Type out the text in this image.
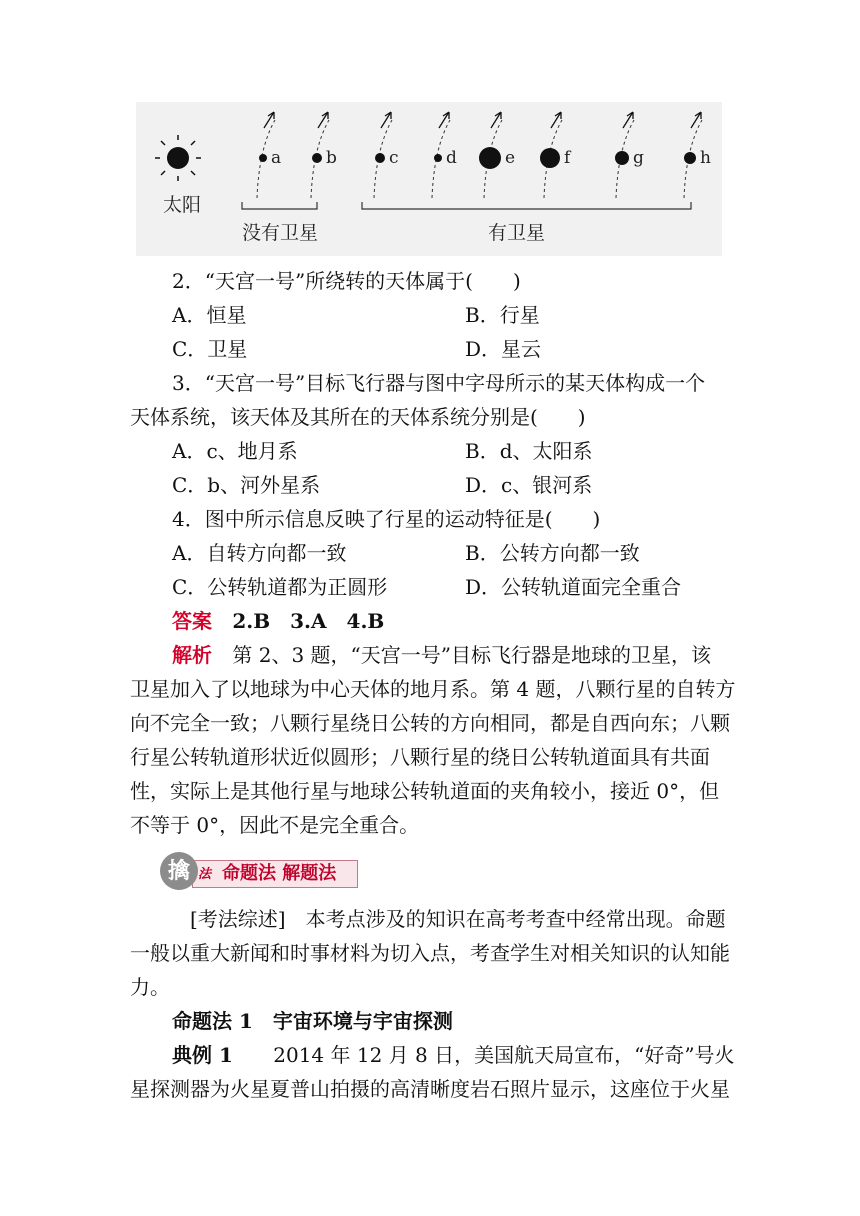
a	b	c	d	e	f	g	h
太阳
没有卫星	有卫星
2．“天宫一号”所绕转的天体属于(　　)
A．恒星	B．行星
C．卫星	D．星云
3．“天宫一号”目标飞行器与图中字母所示的某天体构成一个
天体系统，该天体及其所在的天体系统分别是(　　)
A．c、地月系	B．d、太阳系
C．b、河外星系	D．c、银河系
4．图中所示信息反映了行星的运动特征是(　　)
A．自转方向都一致	B．公转方向都一致
C．公转轨道都为正圆形	D．公转轨道面完全重合
答案 2.B　3.A　4.B
解析 第 2、3 题，“天宫一号”目标飞行器是地球的卫星，该
卫星加入了以地球为中心天体的地月系。第 4 题，八颗行星的自转方
向不完全一致；八颗行星绕日公转的方向相同，都是自西向东；八颗
行星公转轨道形状近似圆形；八颗行星的绕日公转轨道面具有共面
性，实际上是其他行星与地球公转轨道面的夹角较小，接近 0°，但
不等于 0°，因此不是完全重合。
擒 法 命题法 解题法
[考法综述]　本考点涉及的知识在高考考查中经常出现。命题
一般以重大新闻和时事材料为切入点，考查学生对相关知识的认知能
力。
命题法 1　宇宙环境与宇宙探测
典例 1 2014 年 12 月 8 日，美国航天局宣布，“好奇”号火
星探测器为火星夏普山拍摄的高清晰度岩石照片显示，这座位于火星
